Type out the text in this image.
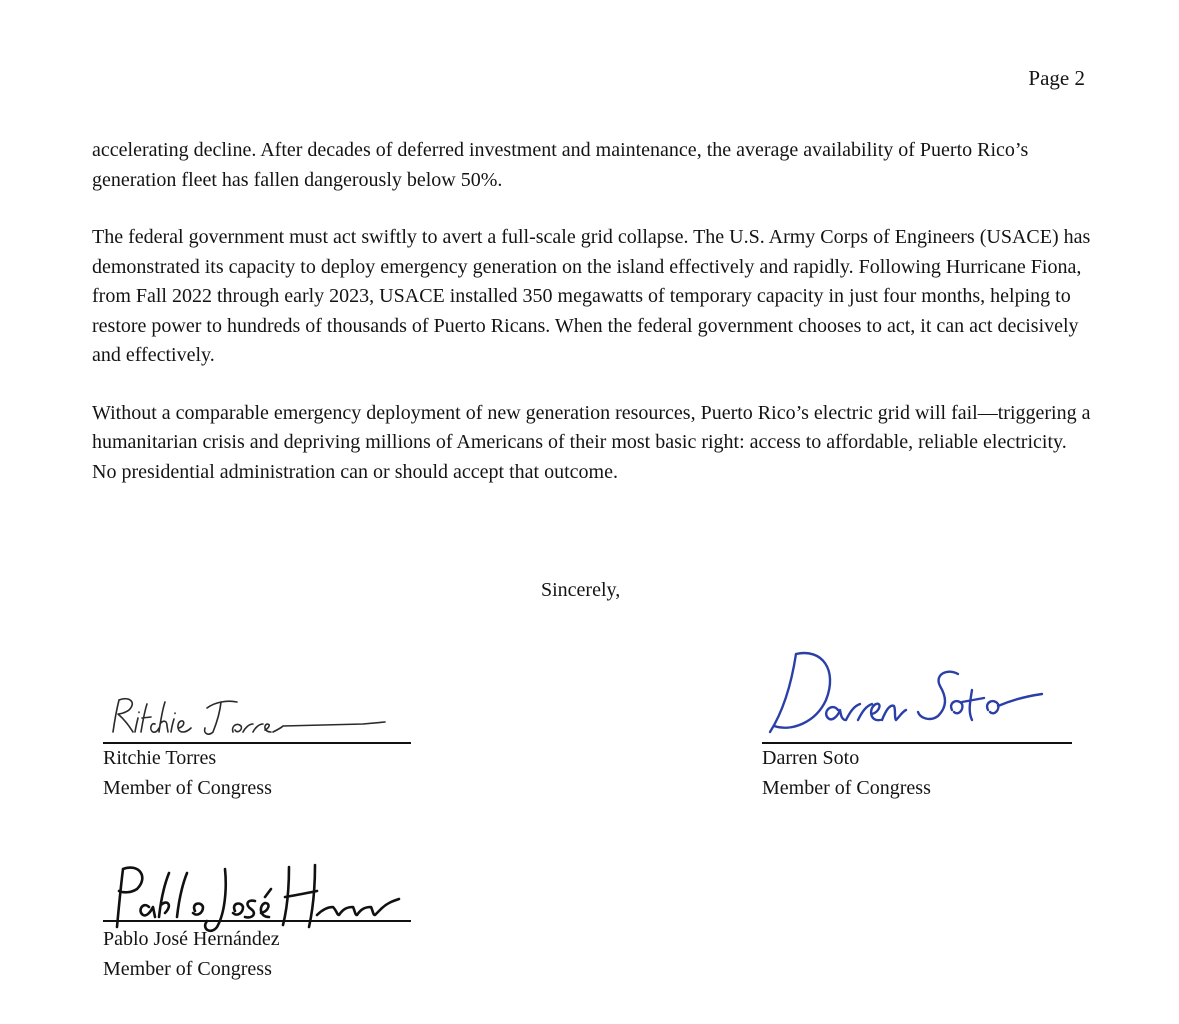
Page 2

accelerating decline. After decades of deferred investment and maintenance, the average availability of Puerto Rico’s generation fleet has fallen dangerously below 50%.

The federal government must act swiftly to avert a full-scale grid collapse. The U.S. Army Corps of Engineers (USACE) has demonstrated its capacity to deploy emergency generation on the island effectively and rapidly. Following Hurricane Fiona, from Fall 2022 through early 2023, USACE installed 350 megawatts of temporary capacity in just four months, helping to restore power to hundreds of thousands of Puerto Ricans. When the federal government chooses to act, it can act decisively and effectively.

Without a comparable emergency deployment of new generation resources, Puerto Rico’s electric grid will fail—triggering a humanitarian crisis and depriving millions of Americans of their most basic right: access to affordable, reliable electricity. No presidential administration can or should accept that outcome.

Sincerely,
Ritchie Torres
Member of Congress
Darren Soto
Member of Congress
Pablo José Hernández
Member of Congress
